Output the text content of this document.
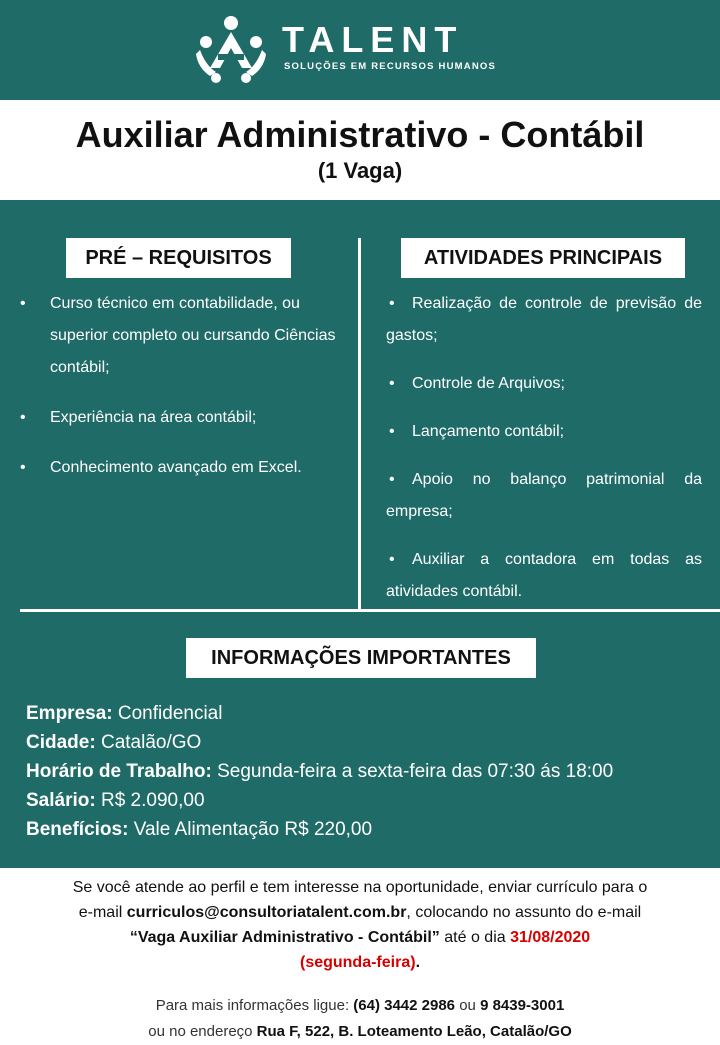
TALENT
SOLUÇÕES EM RECURSOS HUMANOS
Auxiliar Administrativo - Contábil
(1 Vaga)
PRÉ – REQUISITOS	ATIVIDADES PRINCIPAIS
• Curso técnico em contabilidade, ou superior completo ou cursando Ciências contábil;
• Experiência na área contábil;
• Conhecimento avançado em Excel.
• Realização de controle de previsão de gastos;
• Controle de Arquivos;
• Lançamento contábil;
• Apoio no balanço patrimonial da empresa;
• Auxiliar a contadora em todas as atividades contábil.
INFORMAÇÕES IMPORTANTES
Empresa: Confidencial
Cidade: Catalão/GO
Horário de Trabalho: Segunda-feira a sexta-feira das 07:30 ás 18:00
Salário: R$ 2.090,00
Benefícios: Vale Alimentação R$ 220,00
Se você atende ao perfil e tem interesse na oportunidade, enviar currículo para o
e-mail curriculos@consultoriatalent.com.br, colocando no assunto do e-mail
“Vaga Auxiliar Administrativo - Contábil” até o dia 31/08/2020
(segunda-feira).
Para mais informações ligue: (64) 3442 2986 ou 9 8439-3001
ou no endereço Rua F, 522, B. Loteamento Leão, Catalão/GO
